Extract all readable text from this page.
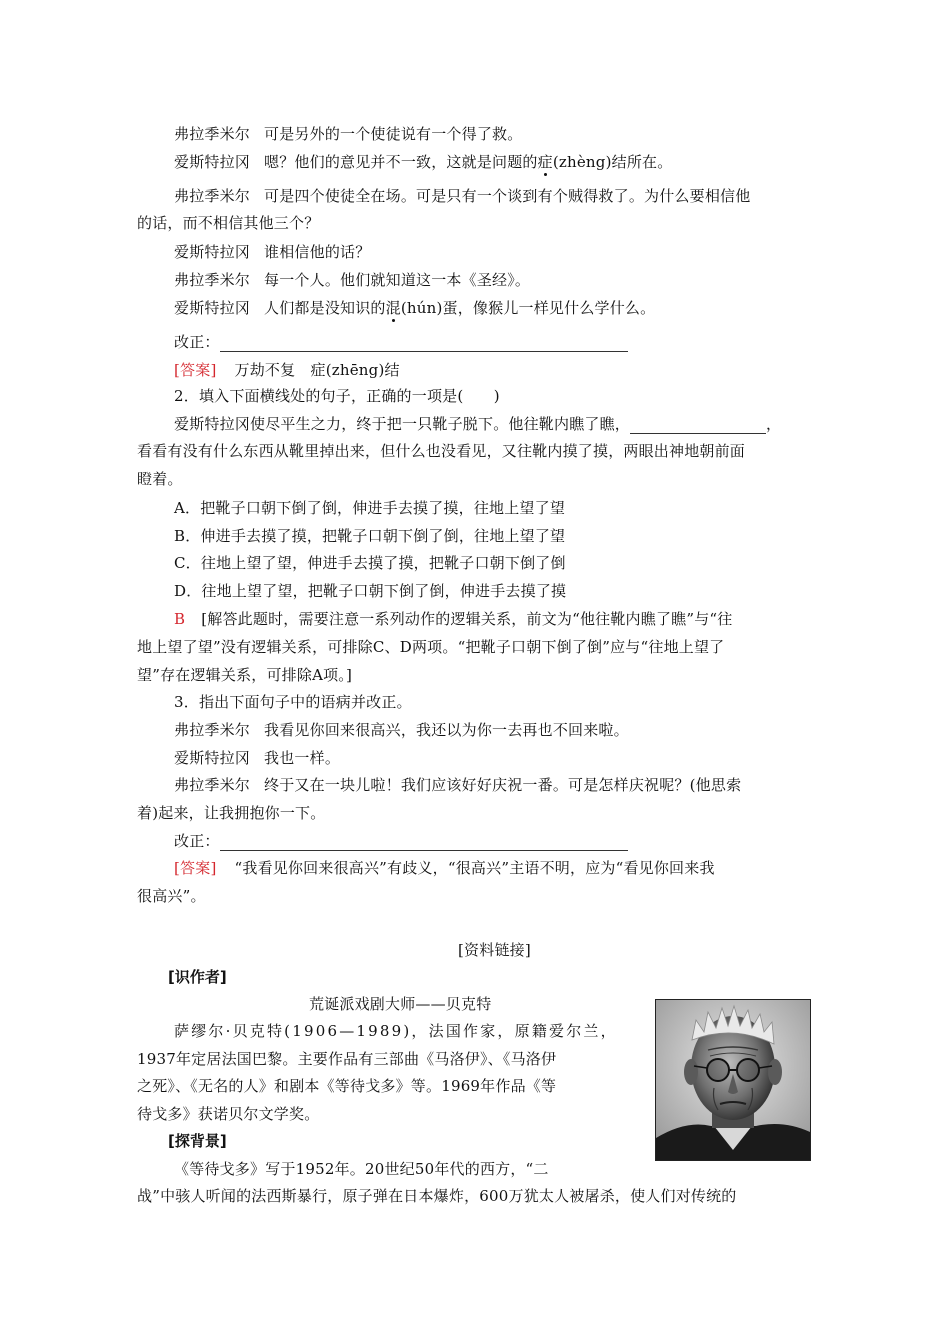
弗拉季米尔 可是另外的一个使徒说有一个得了救。
爱斯特拉冈 嗯？他们的意见并不一致，这就是问题的症(zhèng)结所在。
弗拉季米尔 可是四个使徒全在场。可是只有一个谈到有个贼得救了。为什么要相信他
的话，而不相信其他三个？
爱斯特拉冈 谁相信他的话？
弗拉季米尔 每一个人。他们就知道这一本《圣经》。
爱斯特拉冈 人们都是没知识的混(hún)蛋，像猴儿一样见什么学什么。
改正：
[答案] 万劫不复　症(zhēng)结
2．填入下面横线处的句子，正确的一项是(　　)
爱斯特拉冈使尽平生之力，终于把一只靴子脱下。他往靴内瞧了瞧，	，
看看有没有什么东西从靴里掉出来，但什么也没看见，又往靴内摸了摸，两眼出神地朝前面
瞪着。
A．把靴子口朝下倒了倒，伸进手去摸了摸，往地上望了望
B．伸进手去摸了摸，把靴子口朝下倒了倒，往地上望了望
C．往地上望了望，伸进手去摸了摸，把靴子口朝下倒了倒
D．往地上望了望，把靴子口朝下倒了倒，伸进手去摸了摸
B [解答此题时，需要注意一系列动作的逻辑关系，前文为“他往靴内瞧了瞧”与“往
地上望了望”没有逻辑关系，可排除C、D两项。“把靴子口朝下倒了倒”应与“往地上望了
望”存在逻辑关系，可排除A项。]
3．指出下面句子中的语病并改正。
弗拉季米尔 我看见你回来很高兴，我还以为你一去再也不回来啦。
爱斯特拉冈 我也一样。
弗拉季米尔 终于又在一块儿啦！我们应该好好庆祝一番。可是怎样庆祝呢？(他思索
着)起来，让我拥抱你一下。
改正：
[答案] “我看见你回来很高兴”有歧义，“很高兴”主语不明，应为“看见你回来我
很高兴”。
[资料链接]
[识作者]
荒诞派戏剧大师——贝克特
萨缪尔·贝克特(1906—1989)，法国作家，原籍爱尔兰，
1937年定居法国巴黎。主要作品有三部曲《马洛伊》、《马洛伊
之死》、《无名的人》和剧本《等待戈多》等。1969年作品《等
待戈多》获诺贝尔文学奖。
[探背景]
《等待戈多》写于1952年。20世纪50年代的西方，“二
战”中骇人听闻的法西斯暴行，原子弹在日本爆炸，600万犹太人被屠杀，使人们对传统的
